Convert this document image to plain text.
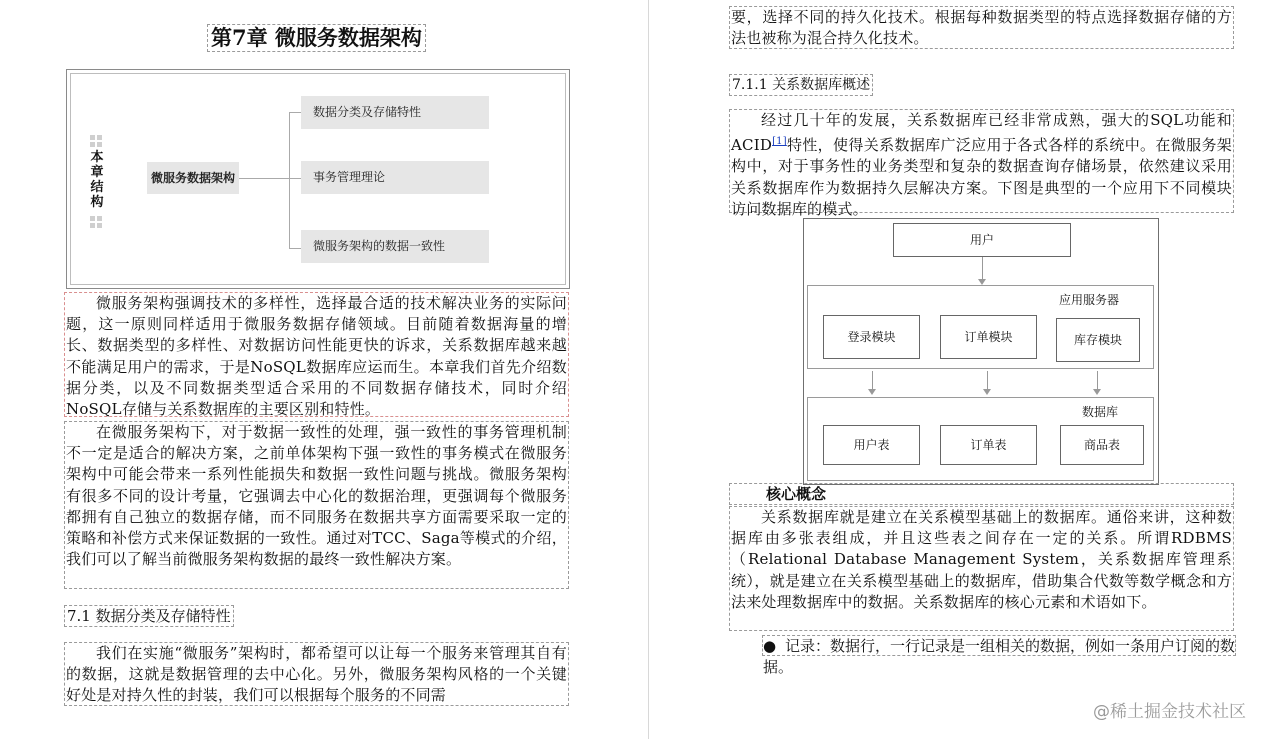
第7章 微服务数据架构
本章结构
微服务数据架构
数据分类及存储特性
事务管理理论
微服务架构的数据一致性
微服务架构强调技术的多样性，选择最合适的技术解决业务的实际问题，这一原则同样适用于微服务数据存储领域。目前随着数据海量的增长、数据类型的多样性、对数据访问性能更快的诉求，关系数据库越来越不能满足用户的需求，于是NoSQL数据库应运而生。本章我们首先介绍数据分类，以及不同数据类型适合采用的不同数据存储技术，同时介绍NoSQL存储与关系数据库的主要区别和特性。
在微服务架构下，对于数据一致性的处理，强一致性的事务管理机制不一定是适合的解决方案，之前单体架构下强一致性的事务模式在微服务架构中可能会带来一系列性能损失和数据一致性问题与挑战。微服务架构有很多不同的设计考量，它强调去中心化的数据治理，更强调每个微服务都拥有自己独立的数据存储，而不同服务在数据共享方面需要采取一定的策略和补偿方式来保证数据的一致性。通过对TCC、Saga等模式的介绍，我们可以了解当前微服务架构数据的最终一致性解决方案。
7.1 数据分类及存储特性
我们在实施“微服务”架构时，都希望可以让每一个服务来管理其自有的数据，这就是数据管理的去中心化。另外，微服务架构风格的一个关键好处是对持久性的封装，我们可以根据每个服务的不同需
要，选择不同的持久化技术。根据每种数据类型的特点选择数据存储的方法也被称为混合持久化技术。
7.1.1 关系数据库概述
经过几十年的发展，关系数据库已经非常成熟，强大的SQL功能和ACID[1]特性，使得关系数据库广泛应用于各式各样的系统中。在微服务架构中，对于事务性的业务类型和复杂的数据查询存储场景，依然建议采用关系数据库作为数据持久层解决方案。下图是典型的一个应用下不同模块访问数据库的模式。
用户
应用服务器
登录模块	订单模块	库存模块
数据库
用户表	订单表	商品表
核心概念
关系数据库就是建立在关系模型基础上的数据库。通俗来讲，这种数据库由多张表组成，并且这些表之间存在一定的关系。所谓RDBMS（Relational Database Management System，关系数据库管理系统），就是建立在关系模型基础上的数据库，借助集合代数等数学概念和方法来处理数据库中的数据。关系数据库的核心元素和术语如下。
● 记录：数据行，一行记录是一组相关的数据，例如一条用户订阅的数据。
@稀土掘金技术社区
